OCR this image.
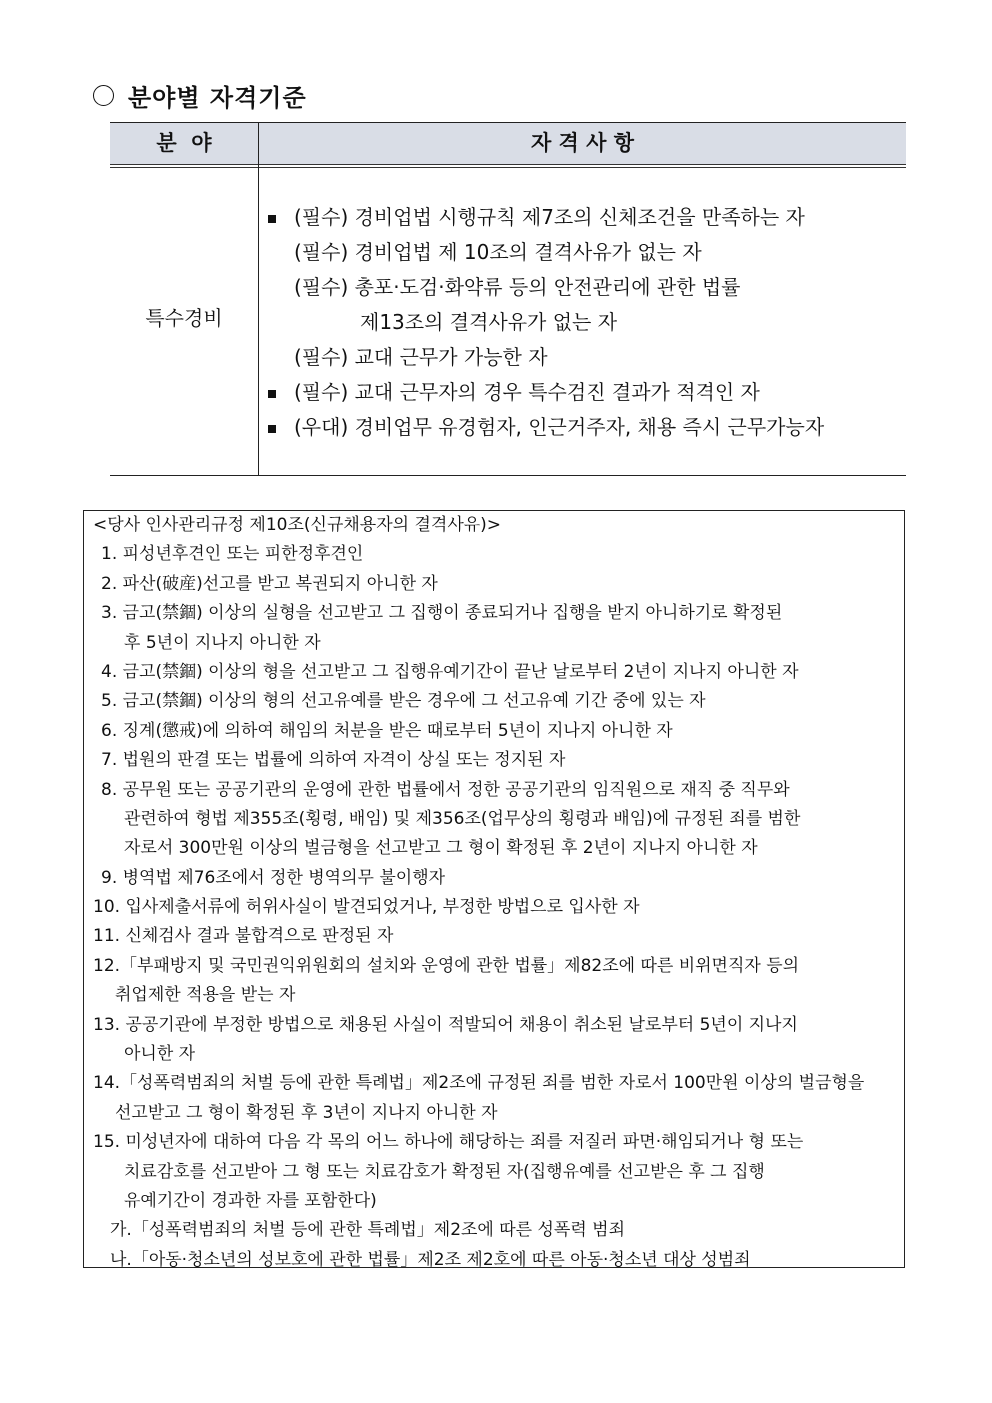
분야별 자격기준
분  야	자 격 사 항
특수경비
(필수) 경비업법 시행규칙 제7조의 신체조건을 만족하는 자
(필수) 경비업법 제 10조의 결격사유가 없는 자
(필수) 총포·도검·화약류 등의 안전관리에 관한 법률
제13조의 결격사유가 없는 자
(필수) 교대 근무가 가능한 자
(필수) 교대 근무자의 경우 특수검진 결과가 적격인 자
(우대) 경비업무 유경험자, 인근거주자, 채용 즉시 근무가능자
<당사 인사관리규정 제10조(신규채용자의 결격사유)>
1. 피성년후견인 또는 피한정후견인
2. 파산(破産)선고를 받고 복권되지 아니한 자
3. 금고(禁錮) 이상의 실형을 선고받고 그 집행이 종료되거나 집행을 받지 아니하기로 확정된
후 5년이 지나지 아니한 자
4. 금고(禁錮) 이상의 형을 선고받고 그 집행유예기간이 끝난 날로부터 2년이 지나지 아니한 자
5. 금고(禁錮) 이상의 형의 선고유예를 받은 경우에 그 선고유예 기간 중에 있는 자
6. 징계(懲戒)에 의하여 해임의 처분을 받은 때로부터 5년이 지나지 아니한 자
7. 법원의 판결 또는 법률에 의하여 자격이 상실 또는 정지된 자
8. 공무원 또는 공공기관의 운영에 관한 법률에서 정한 공공기관의 임직원으로 재직 중 직무와
관련하여 형법 제355조(횡령, 배임) 및 제356조(업무상의 횡령과 배임)에 규정된 죄를 범한
자로서 300만원 이상의 벌금형을 선고받고 그 형이 확정된 후 2년이 지나지 아니한 자
9. 병역법 제76조에서 정한 병역의무 불이행자
10. 입사제출서류에 허위사실이 발견되었거나, 부정한 방법으로 입사한 자
11. 신체검사 결과 불합격으로 판정된 자
12.「부패방지 및 국민권익위원회의 설치와 운영에 관한 법률」제82조에 따른 비위면직자 등의
취업제한 적용을 받는 자
13. 공공기관에 부정한 방법으로 채용된 사실이 적발되어 채용이 취소된 날로부터 5년이 지나지
아니한 자
14.「성폭력범죄의 처벌 등에 관한 특례법」제2조에 규정된 죄를 범한 자로서 100만원 이상의 벌금형을
선고받고 그 형이 확정된 후 3년이 지나지 아니한 자
15. 미성년자에 대하여 다음 각 목의 어느 하나에 해당하는 죄를 저질러 파면·해임되거나 형 또는
치료감호를 선고받아 그 형 또는 치료감호가 확정된 자(집행유예를 선고받은 후 그 집행
유예기간이 경과한 자를 포함한다)
가.「성폭력범죄의 처벌 등에 관한 특례법」제2조에 따른 성폭력 범죄
나.「아동·청소년의 성보호에 관한 법률」제2조 제2호에 따른 아동·청소년 대상 성범죄
